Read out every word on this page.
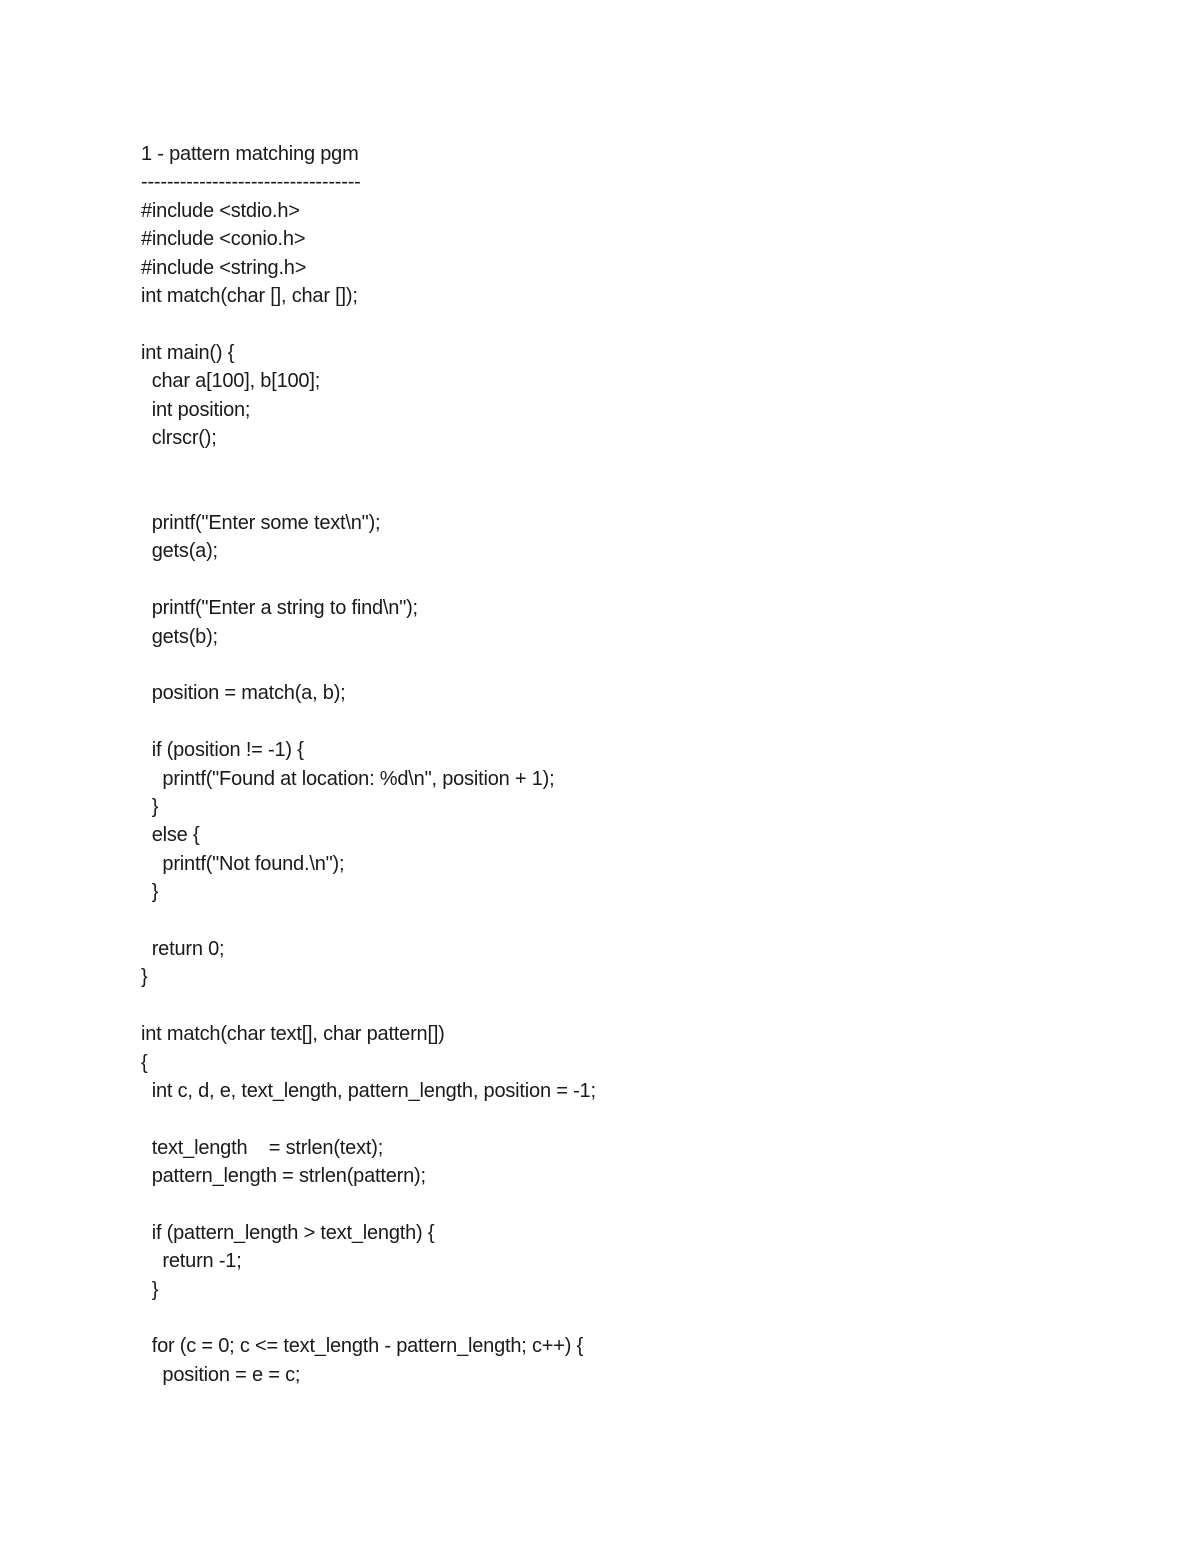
1 - pattern matching pgm
----------------------------------
#include <stdio.h>
#include <conio.h>
#include <string.h>
int match(char [], char []);
int main() {
char a[100], b[100];
int position;
clrscr();
printf("Enter some text\n");
gets(a);
printf("Enter a string to find\n");
gets(b);
position = match(a, b);
if (position != -1) {
printf("Found at location: %d\n", position + 1);
}
else {
printf("Not found.\n");
}
return 0;
}
int match(char text[], char pattern[])
{
int c, d, e, text_length, pattern_length, position = -1;
text_length    = strlen(text);
pattern_length = strlen(pattern);
if (pattern_length > text_length) {
return -1;
}
for (c = 0; c <= text_length - pattern_length; c++) {
position = e = c;
